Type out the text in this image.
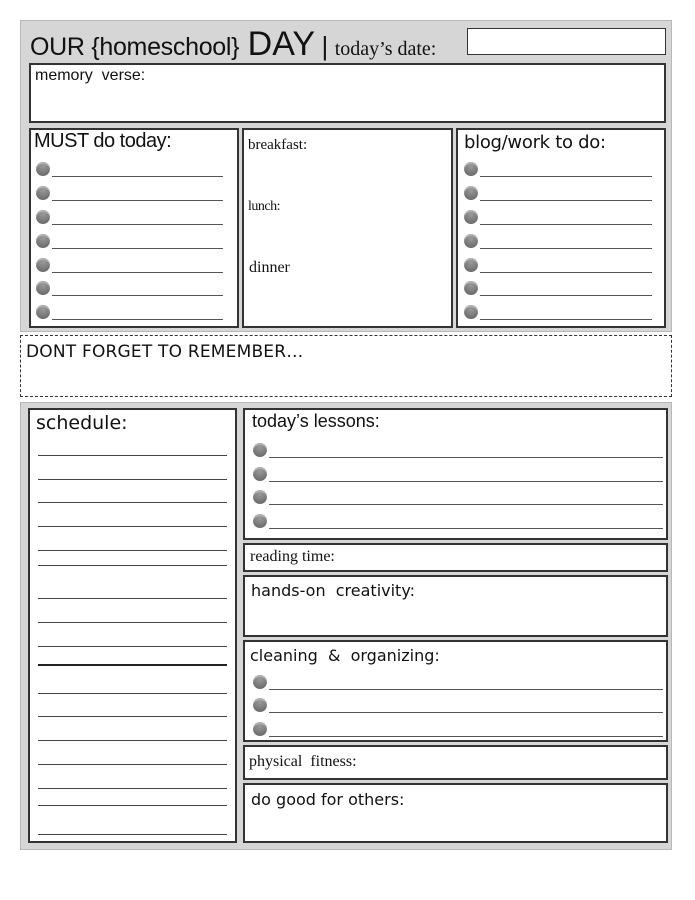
OUR {homeschool} DAY | today’s date:
memory  verse:
MUST do today:	breakfast:
lunch:
dinner
blog/work to do:
DONT FORGET TO REMEMBER…
schedule:	today’s lessons:
reading time:
hands-on  creativity:
cleaning  &  organizing:
physical  fitness:
do good for others:
